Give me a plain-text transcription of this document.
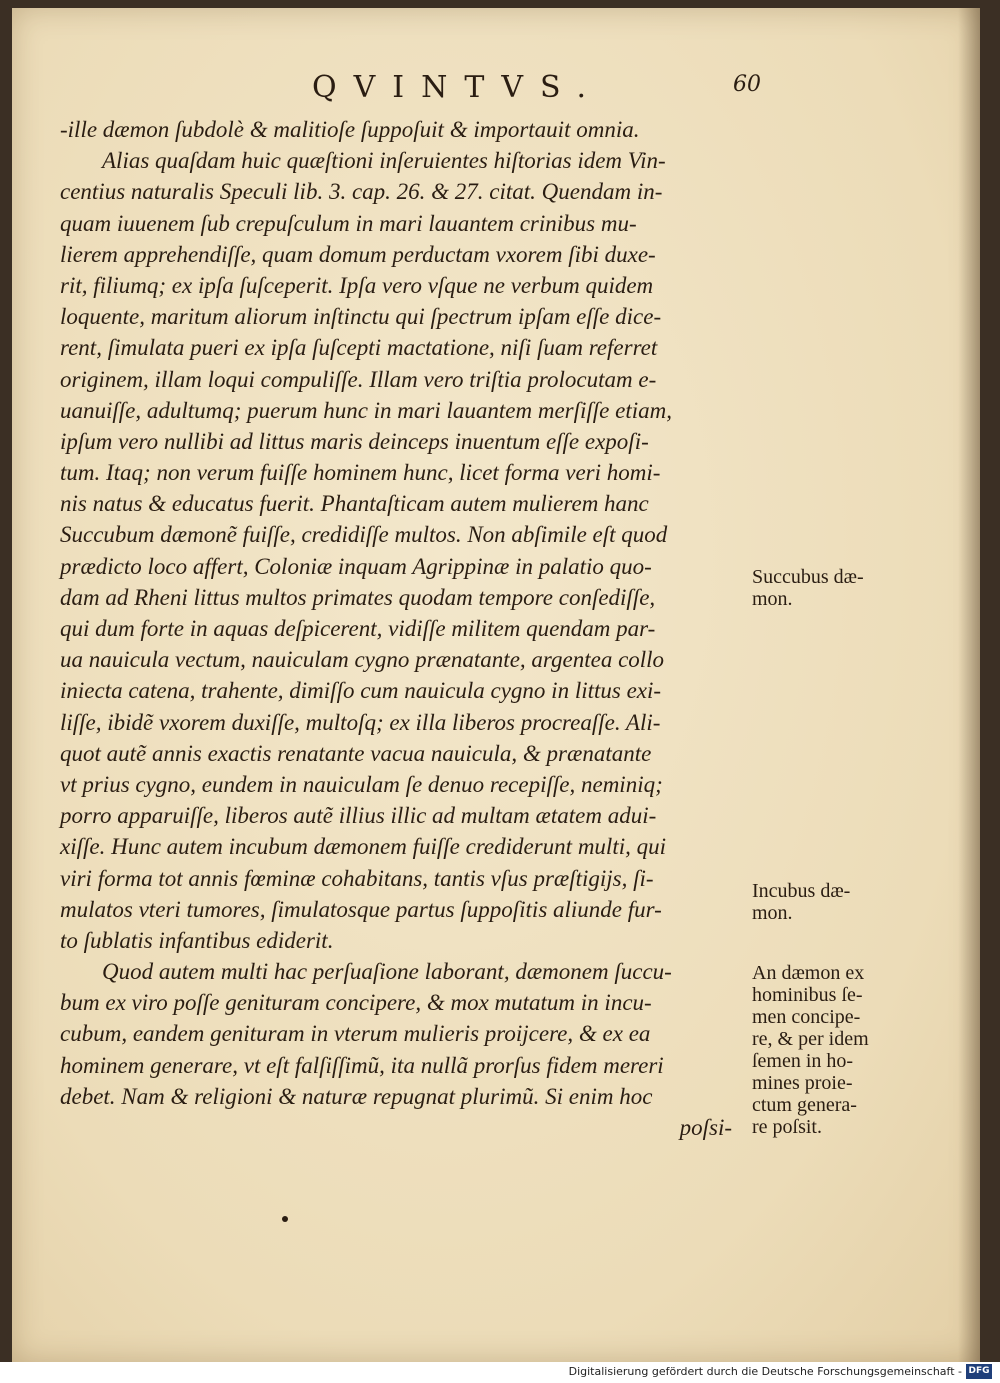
QVINTVS.	60
-ille dæmon ſubdolè & malitioſe ſuppoſuit & importauit omnia.
Alias quaſdam huic quæſtioni inſeruientes hiſtorias idem Vin-
centius naturalis Speculi lib. 3. cap. 26. & 27. citat. Quendam in-
quam iuuenem ſub crepuſculum in mari lauantem crinibus mu-
lierem apprehendiſſe, quam domum perductam vxorem ſibi duxe-
rit, filiumq; ex ipſa ſuſceperit. Ipſa vero vſque ne verbum quidem
loquente, maritum aliorum inſtinctu qui ſpectrum ipſam eſſe dice-
rent, ſimulata pueri ex ipſa ſuſcepti mactatione, niſi ſuam referret
originem, illam loqui compuliſſe. Illam vero triſtia prolocutam e-
uanuiſſe, adultumq; puerum hunc in mari lauantem merſiſſe etiam,
ipſum vero nullibi ad littus maris deinceps inuentum eſſe expoſi-
tum. Itaq; non verum fuiſſe hominem hunc, licet forma veri homi-
nis natus & educatus fuerit. Phantaſticam autem mulierem hanc
Succubum dæmonẽ fuiſſe, credidiſſe multos. Non abſimile eſt quod
prædicto loco affert, Coloniæ inquam Agrippinæ in palatio quo-
dam ad Rheni littus multos primates quodam tempore conſediſſe,
qui dum forte in aquas deſpicerent, vidiſſe militem quendam par-
ua nauicula vectum, nauiculam cygno prænatante, argentea collo
iniecta catena, trahente, dimiſſo cum nauicula cygno in littus exi-
liſſe, ibidẽ vxorem duxiſſe, multoſq; ex illa liberos procreaſſe. Ali-
quot autẽ annis exactis renatante vacua nauicula, & prænatante
vt prius cygno, eundem in nauiculam ſe denuo recepiſſe, neminiq;
porro apparuiſſe, liberos autẽ illius illic ad multam ætatem adui-
xiſſe. Hunc autem incubum dæmonem fuiſſe crediderunt multi, qui
viri forma tot annis fœminæ cohabitans, tantis vſus præſtigijs, ſi-
mulatos vteri tumores, ſimulatosque partus ſuppoſitis aliunde fur-
to ſublatis infantibus ediderit.
Quod autem multi hac perſuaſione laborant, dæmonem ſuccu-
bum ex viro poſſe genituram concipere, & mox mutatum in incu-
cubum, eandem genituram in vterum mulieris proijcere, & ex ea
hominem generare, vt eſt falſiſſimũ, ita nullã prorſus fidem mereri
debet. Nam & religioni & naturæ repugnat plurimũ. Si enim hoc
poſsi-
Succubus dæ-
mon.
Incubus dæ-
mon.
An dæmon ex
hominibus ſe-
men concipe-
re, & per idem
ſemen in ho-
mines proie-
ctum genera-
re poſsit.
Digitalisierung gefördert durch die Deutsche Forschungsgemeinschaft - DFG
